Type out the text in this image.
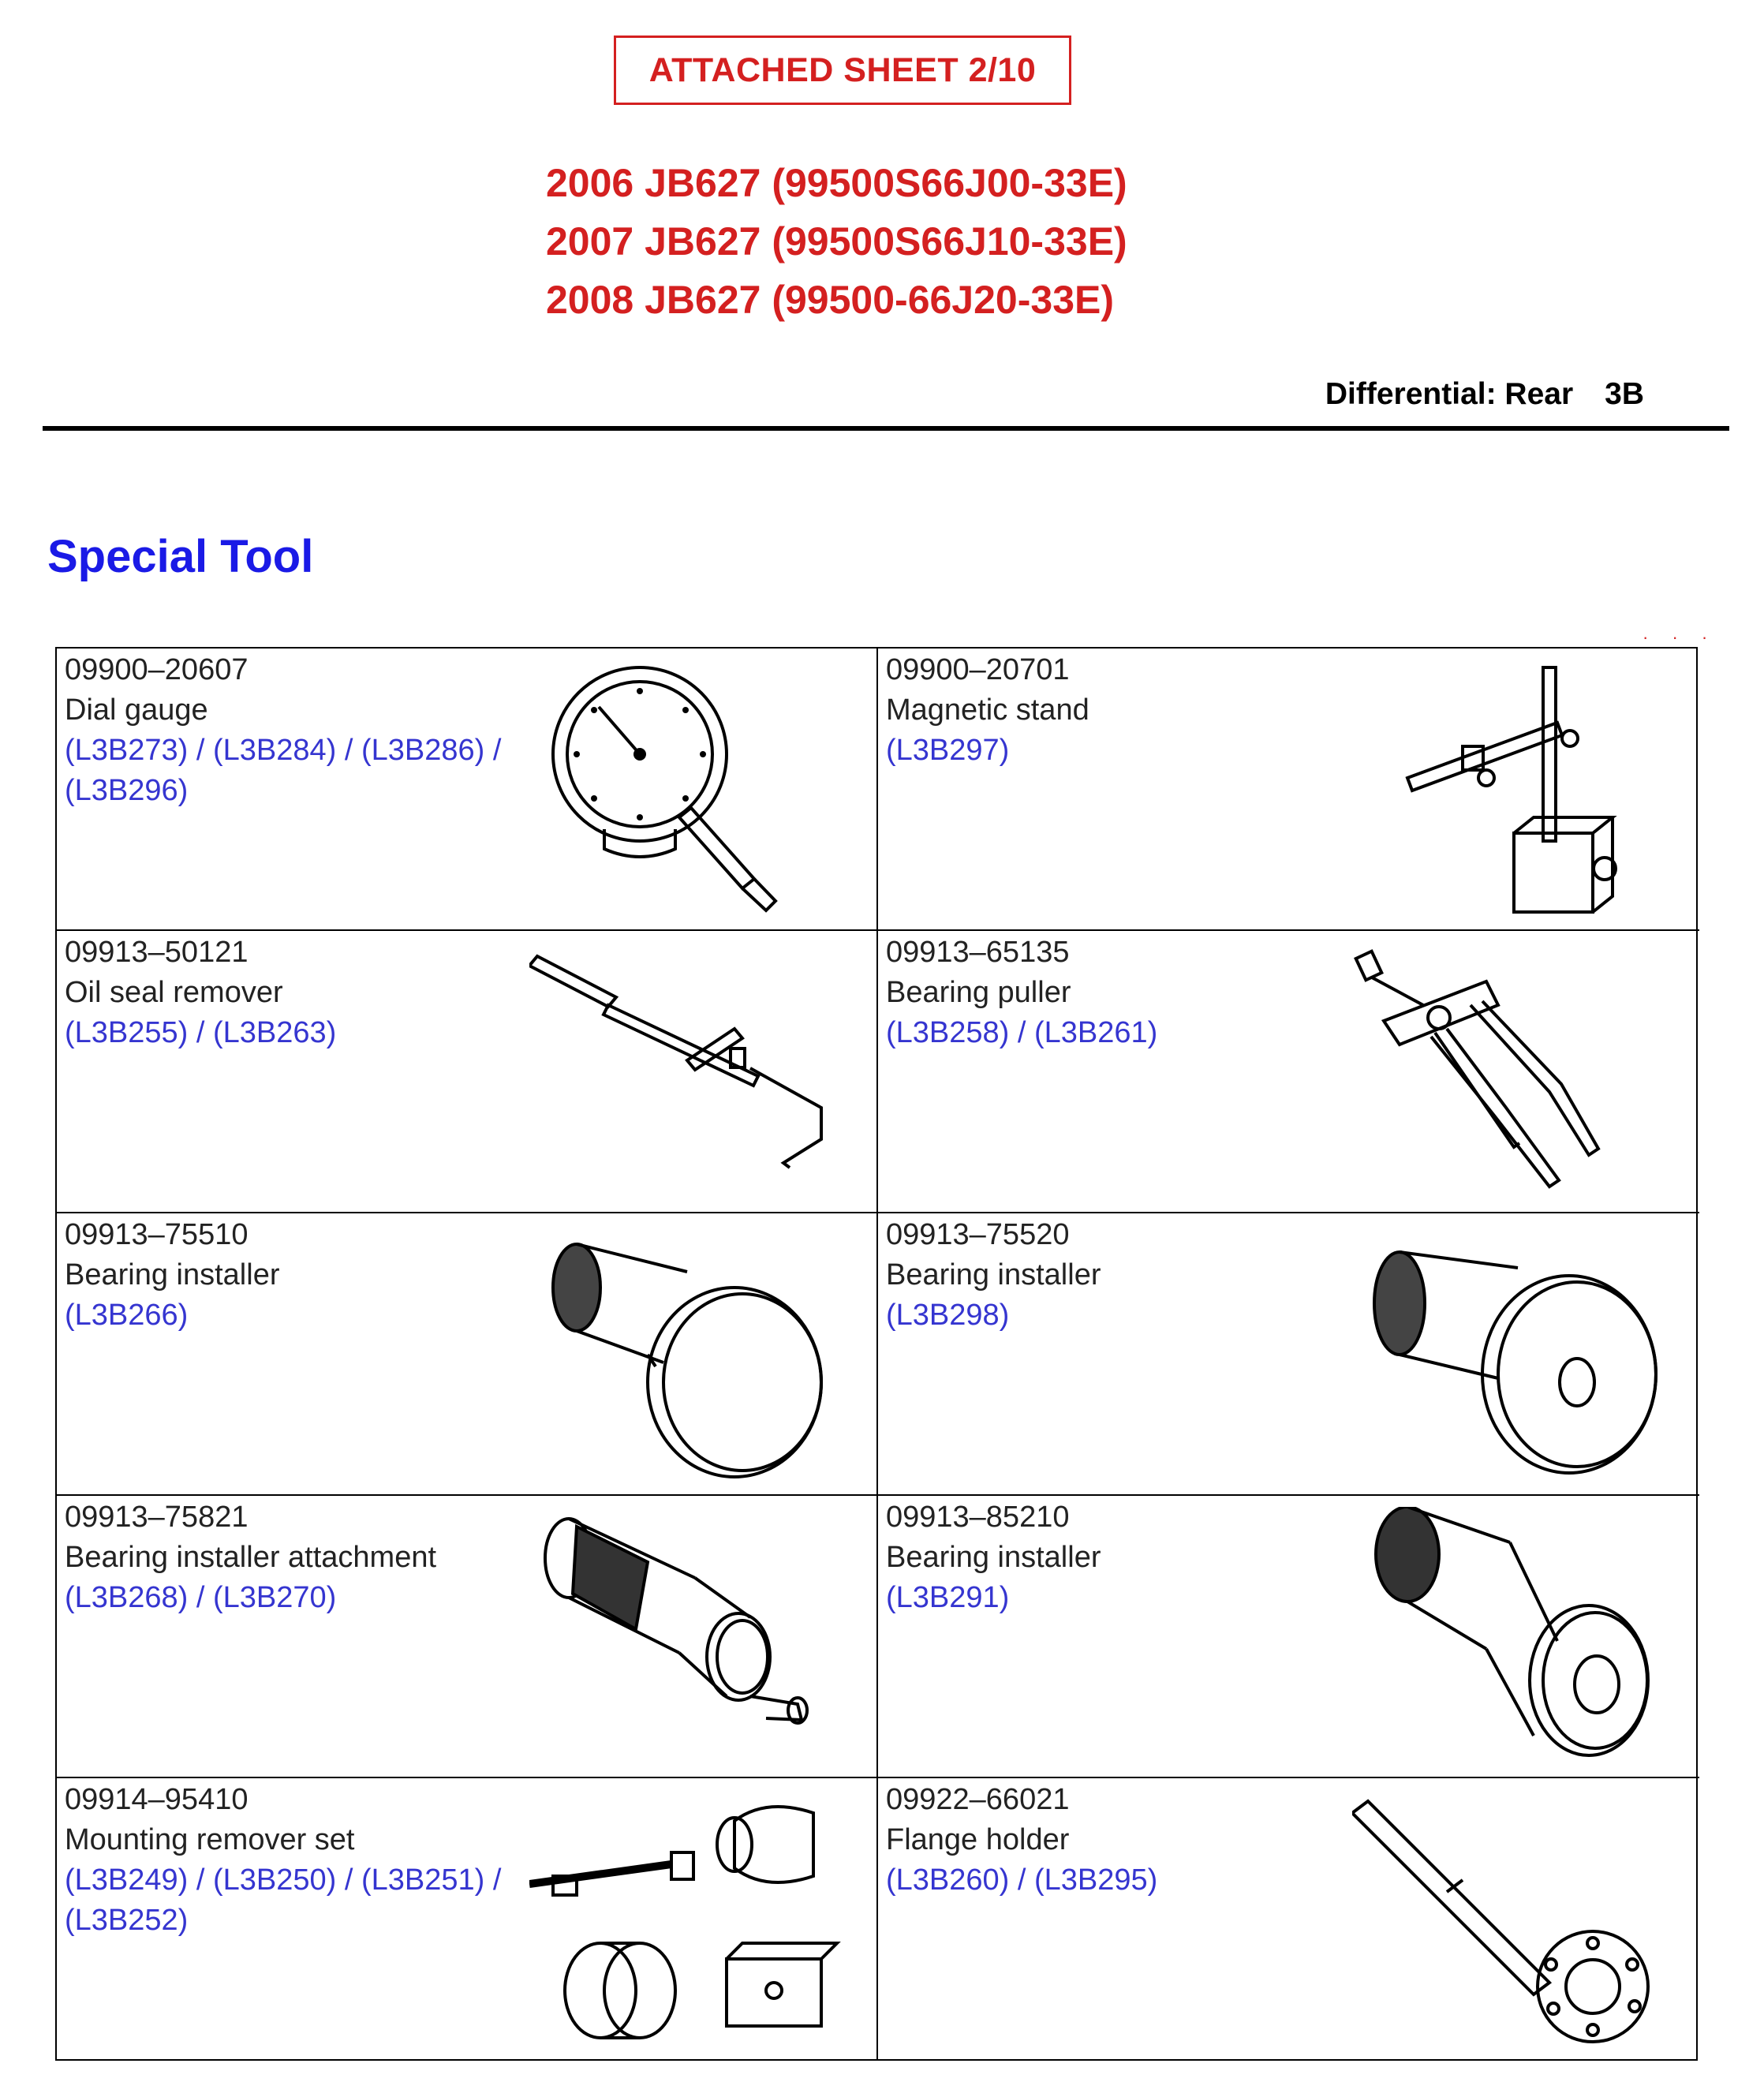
ATTACHED SHEET 2/10
2006 JB627 (99500S66J00-33E)
2007 JB627 (99500S66J10-33E)
2008 JB627 (99500-66J20-33E)
Differential: Rear 3B
Special Tool
· · ·
09900–20607
Dial gauge
(L3B273) / (L3B284) / (L3B286) / (L3B296)
09900–20701
Magnetic stand
(L3B297)
09913–50121
Oil seal remover
(L3B255) / (L3B263)
09913–65135
Bearing puller
(L3B258) / (L3B261)
09913–75510
Bearing installer
(L3B266)
09913–75520
Bearing installer
(L3B298)
09913–75821
Bearing installer attachment
(L3B268) / (L3B270)
09913–85210
Bearing installer
(L3B291)
09914–95410
Mounting remover set
(L3B249) / (L3B250) / (L3B251) / (L3B252)
09922–66021
Flange holder
(L3B260) / (L3B295)
